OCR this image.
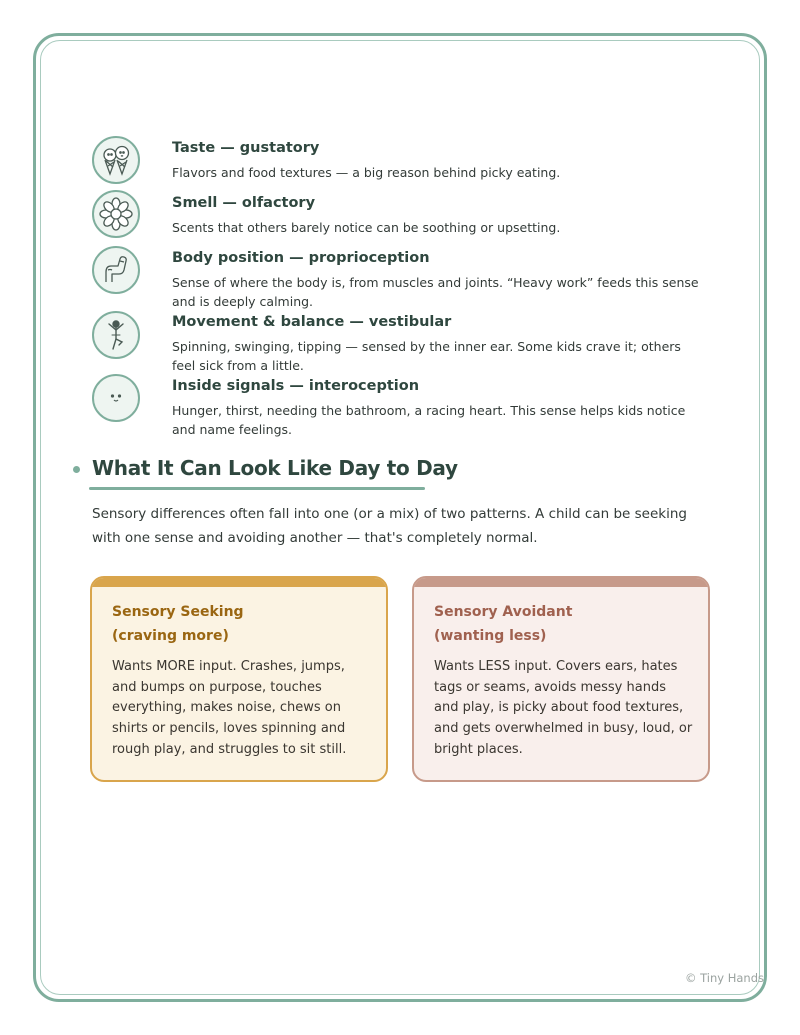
Taste — gustatory
Flavors and food textures — a big reason behind picky eating.
Smell — olfactory
Scents that others barely notice can be soothing or upsetting.
Body position — proprioception
Sense of where the body is, from muscles and joints. “Heavy work” feeds this sense and is deeply calming.
Movement & balance — vestibular
Spinning, swinging, tipping — sensed by the inner ear. Some kids crave it; others feel sick from a little.
Inside signals — interoception
Hunger, thirst, needing the bathroom, a racing heart. This sense helps kids notice and name feelings.
What It Can Look Like Day to Day
Sensory differences often fall into one (or a mix) of two patterns. A child can be seeking with one sense and avoiding another — that's completely normal.
Sensory Seeking
(craving more)
Wants MORE input. Crashes, jumps, and bumps on purpose, touches everything, makes noise, chews on shirts or pencils, loves spinning and rough play, and struggles to sit still.
Sensory Avoidant
(wanting less)
Wants LESS input. Covers ears, hates tags or seams, avoids messy hands and play, is picky about food textures, and gets overwhelmed in busy, loud, or bright places.
© Tiny Hands
